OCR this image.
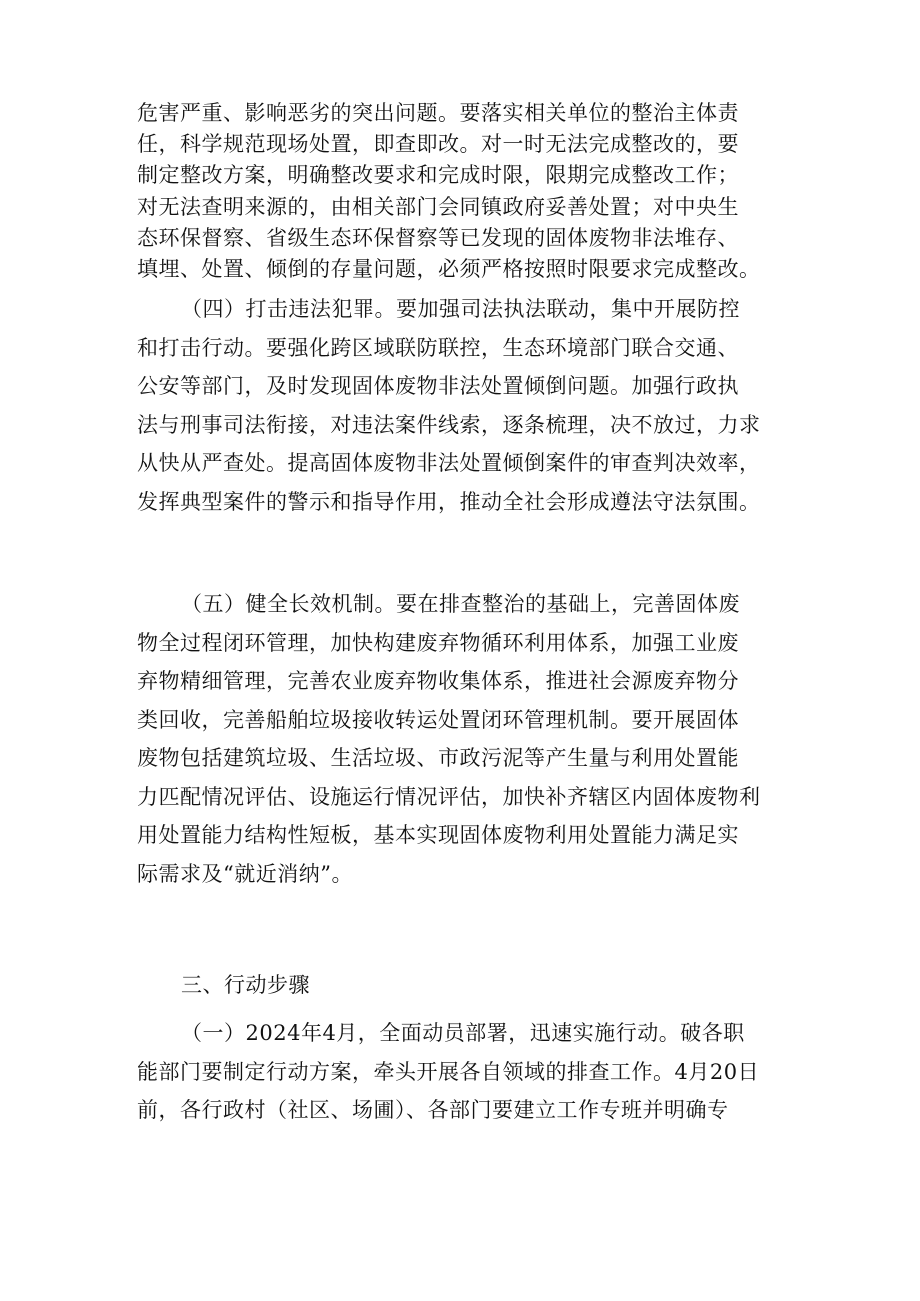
危害严重、影响恶劣的突出问题。要落实相关单位的整治主体责
任，科学规范现场处置，即查即改。对一时无法完成整改的，要
制定整改方案，明确整改要求和完成时限，限期完成整改工作；
对无法查明来源的，由相关部门会同镇政府妥善处置；对中央生
态环保督察、省级生态环保督察等已发现的固体废物非法堆存、
填埋、处置、倾倒的存量问题，必须严格按照时限要求完成整改。
（四）打击违法犯罪。要加强司法执法联动，集中开展防控
和打击行动。要强化跨区域联防联控，生态环境部门联合交通、
公安等部门，及时发现固体废物非法处置倾倒问题。加强行政执
法与刑事司法衔接，对违法案件线索，逐条梳理，决不放过，力求
从快从严查处。提高固体废物非法处置倾倒案件的审查判决效率，
发挥典型案件的警示和指导作用，推动全社会形成遵法守法氛围。
（五）健全长效机制。要在排查整治的基础上，完善固体废
物全过程闭环管理，加快构建废弃物循环利用体系，加强工业废
弃物精细管理，完善农业废弃物收集体系，推进社会源废弃物分
类回收，完善船舶垃圾接收转运处置闭环管理机制。要开展固体
废物包括建筑垃圾、生活垃圾、市政污泥等产生量与利用处置能
力匹配情况评估、设施运行情况评估，加快补齐辖区内固体废物利
用处置能力结构性短板，基本实现固体废物利用处置能力满足实
际需求及“就近消纳”。
三、行动步骤
（一）2024年4月，全面动员部署，迅速实施行动。破各职
能部门要制定行动方案，牵头开展各自领域的排查工作。4月20日
前，各行政村（社区、场圃）、各部门要建立工作专班并明确专
